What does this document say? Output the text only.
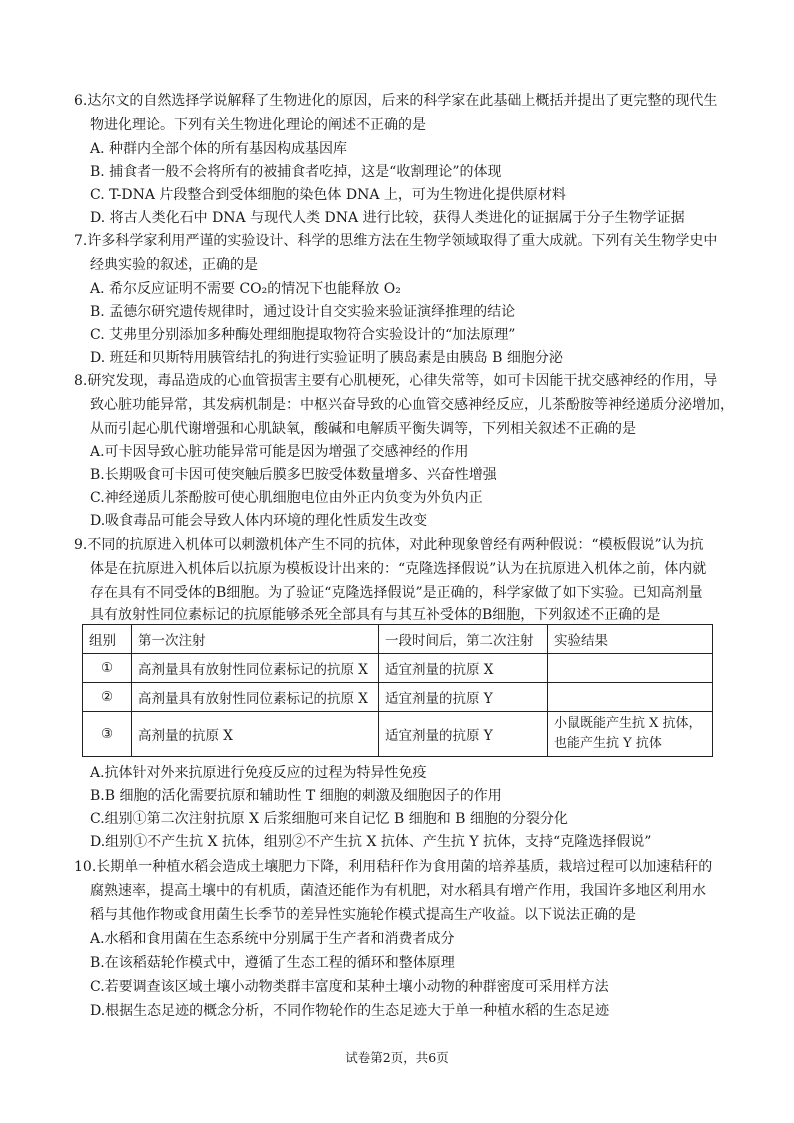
6.达尔文的自然选择学说解释了生物进化的原因，后来的科学家在此基础上概括并提出了更完整的现代生
物进化理论。下列有关生物进化理论的阐述不正确的是
A. 种群内全部个体的所有基因构成基因库
B. 捕食者一般不会将所有的被捕食者吃掉，这是“收割理论”的体现
C. T-DNA 片段整合到受体细胞的染色体 DNA 上，可为生物进化提供原材料
D. 将古人类化石中 DNA 与现代人类 DNA 进行比较，获得人类进化的证据属于分子生物学证据
7.许多科学家利用严谨的实验设计、科学的思维方法在生物学领域取得了重大成就。下列有关生物学史中
经典实验的叙述，正确的是
A. 希尔反应证明不需要 CO₂的情况下也能释放 O₂
B. 孟德尔研究遗传规律时，通过设计自交实验来验证演绎推理的结论
C. 艾弗里分别添加多种酶处理细胞提取物符合实验设计的“加法原理”
D. 班廷和贝斯特用胰管结扎的狗进行实验证明了胰岛素是由胰岛 B 细胞分泌
8.研究发现，毒品造成的心血管损害主要有心肌梗死，心律失常等，如可卡因能干扰交感神经的作用，导
致心脏功能异常，其发病机制是：中枢兴奋导致的心血管交感神经反应，儿茶酚胺等神经递质分泌增加，
从而引起心肌代谢增强和心肌缺氧，酸碱和电解质平衡失调等，下列相关叙述不正确的是
A.可卡因导致心脏功能异常可能是因为增强了交感神经的作用
B.长期吸食可卡因可使突触后膜多巴胺受体数量增多、兴奋性增强
C.神经递质儿茶酚胺可使心肌细胞电位由外正内负变为外负内正
D.吸食毒品可能会导致人体内环境的理化性质发生改变
9.不同的抗原进入机体可以刺激机体产生不同的抗体，对此种现象曾经有两种假说：“模板假说”认为抗
体是在抗原进入机体后以抗原为模板设计出来的：“克隆选择假说”认为在抗原进入机体之前，体内就
存在具有不同受体的B细胞。为了验证“克隆选择假说”是正确的，科学家做了如下实验。已知高剂量
具有放射性同位素标记的抗原能够杀死全部具有与其互补受体的B细胞，下列叙述不正确的是
组别	第一次注射	一段时间后，第二次注射	实验结果
①	高剂量具有放射性同位素标记的抗原 X	适宜剂量的抗原 X	
②	高剂量具有放射性同位素标记的抗原 X	适宜剂量的抗原 Y	
③	高剂量的抗原 X	适宜剂量的抗原 Y	小鼠既能产生抗 X 抗体，也能产生抗 Y 抗体
A.抗体针对外来抗原进行免疫反应的过程为特异性免疫
B.B 细胞的活化需要抗原和辅助性 T 细胞的刺激及细胞因子的作用
C.组别①第二次注射抗原 X 后浆细胞可来自记忆 B 细胞和 B 细胞的分裂分化
D.组别①不产生抗 X 抗体，组别②不产生抗 X 抗体、产生抗 Y 抗体，支持“克隆选择假说”
10.长期单一种植水稻会造成土壤肥力下降，利用秸秆作为食用菌的培养基质，栽培过程可以加速秸秆的
腐熟速率，提高土壤中的有机质，菌渣还能作为有机肥，对水稻具有增产作用，我国许多地区利用水
稻与其他作物或食用菌生长季节的差异性实施轮作模式提高生产收益。以下说法正确的是
A.水稻和食用菌在生态系统中分别属于生产者和消费者成分
B.在该稻菇轮作模式中，遵循了生态工程的循环和整体原理
C.若要调查该区域土壤小动物类群丰富度和某种土壤小动物的种群密度可采用样方法
D.根据生态足迹的概念分析，不同作物轮作的生态足迹大于单一种植水稻的生态足迹
试卷第2页，共6页
